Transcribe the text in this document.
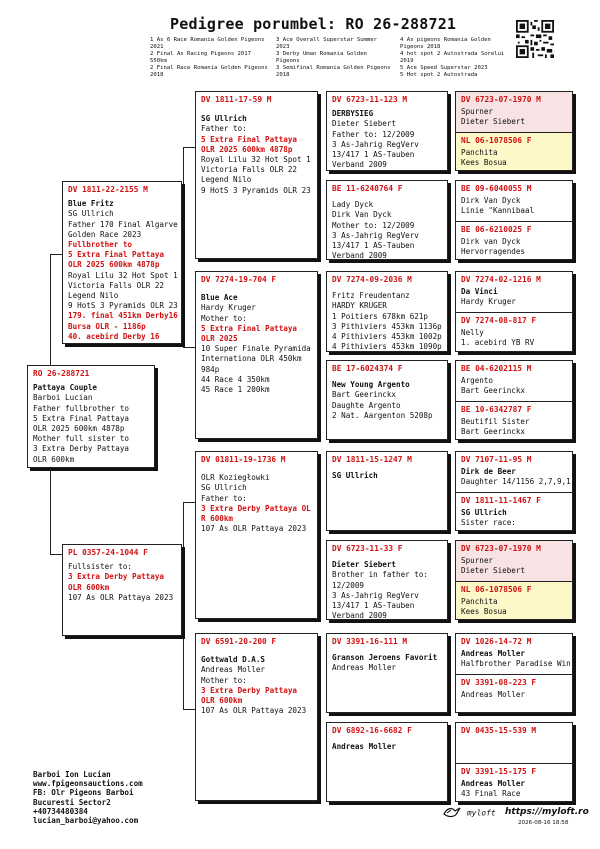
Pedigree porumbel: RO 26-288721
1 As 6 Race Romania Golden Pigeons 2021
2 Final As Racing Pigeons 2017 550km
2 Final Race Romania Golden Pigeons 2018
3 Ace Overall Superstar Summer 2023
3 Derby Uman Romania Golden Pigeons
3 Semifinal Romania Golden Pigeons 2018
4 As pigeons Romania Golden Pigeons 2018
4 hot spot 2 Autostrada Sorelui 2019
5 Ace Speed Superstar 2023
5 Hot spot 2 Autostrada
RO 26-288721
Pattaya Couple
Barboi Lucian
Father fullbrother to
5 Extra Final Pattaya
OLR 2025 600km 4878p
Mother full sister to
3 Extra Derby Pattaya
OLR 600km
DV 1811-22-2155 M
Blue Fritz
SG Ullrich
Father 170 Final Algarve
Golden Race 2023
Fullbrother to
5 Extra Final Pattaya
OLR 2025 600km 4878p
Royal Lilu 32 Hot Spot 1
Victoria Falls OLR 22
Legend Nilo
9 HotS 3 Pyramids OLR 23
179. final 451km Derby16
Bursa OLR - 1186p
40. acebird Derby 16
PL 0357-24-1044 F
Fullsister to:
3 Extra Derby Pattaya
OLR 600km
107 As OLR Pattaya 2023
DV 1811-17-59 M
SG Ullrich
Father to:
5 Extra Final Pattaya
OLR 2025 600km 4878p
Royal Lilu 32 Hot Spot 1
Victoria Falls OLR 22
Legend Nilo
9 HotS 3 Pyramids OLR 23
DV 7274-19-704 F
Blue Ace
Hardy Kruger
Mother to:
5 Extra Final Pattaya
OLR 2025
10 Super Finale Pyramida
Internationa OLR 450km
984p
44 Race 4 350km
45 Race 1 200km
DV 01811-19-1736 M
OLR Koziegłowki
SG Ullrich
Father to:
3 Extra Derby Pattaya OL
R 600km
107 As OLR Pattaya 2023
DV 6591-20-200 F
Gottwald D.A.S
Andreas Moller
Mother to:
3 Extra Derby Pattaya
OLR 600km
107 As OLR Pattaya 2023
DV 6723-11-123 M
DERBYSIEG
Dieter Siebert
Father to: 12/2009
3 As-Jahrig RegVerv
13/417 1 AS-Tauben
Verband 2009
BE 11-6240764 F
Lady Dyck
Dirk Van Dyck
Mother to: 12/2009
3 As-Jahrig RegVerv
13/417 1 AS-Tauben
Verband 2009
DV 7274-09-2036 M
Fritz Freudentanz
HARDY KRUGER
1 Poitiers 678km 621p
3 Pithiviers 453km 1136p
4 Pithiviers 453km 1002p
4 Pithiviers 453km 1090p
BE 17-6024374 F
New Young Argento
Bart Geerinckx
Daughte Argento
2 Nat. Aargenton 5208p
DV 1811-15-1247 M
SG Ullrich
DV 6723-11-33 F
Dieter Siebert
Brother in father to:
12/2009
3 As-Jahrig RegVerv
13/417 1 AS-Tauben
Verband 2009
DV 3391-16-111 M
Granson Jeroens Favorit
Andreas Moller
DV 6892-16-6682 F
Andreas Moller
DV 6723-07-1970 M
Spurner
Dieter Siebert
NL 06-1078506 F
Panchita
Kees Bosua
BE 09-6040055 M
Dirk Van Dyck
Linie "Kannibaal
BE 06-6210025 F
Dirk van Dyck
Hervorragendes
DV 7274-02-1216 M
Da Vinci
Hardy Kruger
DV 7274-08-817 F
Nelly
1. acebird YB RV
BE 04-6202115 M
Argento
Bart Geerinckx
BE 10-6342787 F
Beutifil Sister
Bart Geerinckx
DV 7107-11-95 M
Dirk de Beer
Daughter 14/1156 2,7,9,1
DV 1811-11-1467 F
SG Ullrich
Sister race:
DV 6723-07-1970 M
Spurner
Dieter Siebert
NL 06-1078506 F
Panchita
Kees Bosua
DV 1026-14-72 M
Andreas Moller
Halfbrother Paradise Win
DV 3391-08-223 F
Andreas Moller
DV 0435-15-539 M
DV 3391-15-175 F
Andreas Moller
43 Final Race
Barboi Ion Lucian
www.fpigeonsauctions.com
FB: Olr Pigeons Barboi
Bucuresti Sector2
+40734480384
lucian_barboi@yahoo.com
myloft https://myloft.ro
2026-08-16 18:58
